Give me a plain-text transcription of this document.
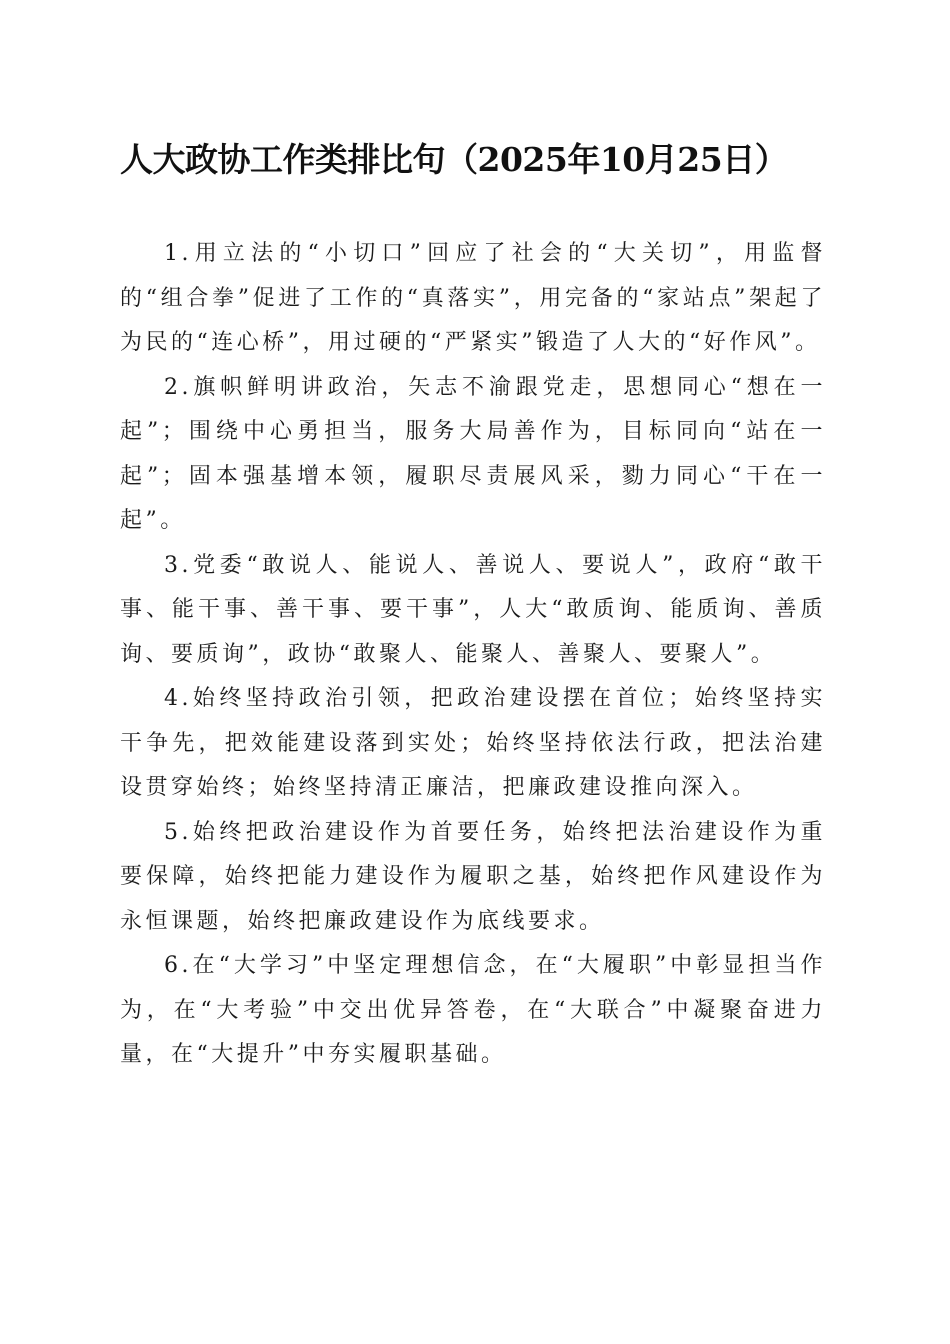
人大政协工作类排比句（2025年10月25日）

1.用立法的“小切口”回应了社会的“大关切”，用监督的“组合拳”促进了工作的“真落实”，用完备的“家站点”架起了为民的“连心桥”，用过硬的“严紧实”锻造了人大的“好作风”。

2.旗帜鲜明讲政治，矢志不渝跟党走，思想同心“想在一起”；围绕中心勇担当，服务大局善作为，目标同向“站在一起”；固本强基增本领，履职尽责展风采，勠力同心“干在一起”。

3.党委“敢说人、能说人、善说人、要说人”，政府“敢干事、能干事、善干事、要干事”，人大“敢质询、能质询、善质询、要质询”，政协“敢聚人、能聚人、善聚人、要聚人”。

4.始终坚持政治引领，把政治建设摆在首位；始终坚持实干争先，把效能建设落到实处；始终坚持依法行政，把法治建设贯穿始终；始终坚持清正廉洁，把廉政建设推向深入。

5.始终把政治建设作为首要任务，始终把法治建设作为重要保障，始终把能力建设作为履职之基，始终把作风建设作为永恒课题，始终把廉政建设作为底线要求。

6.在“大学习”中坚定理想信念，在“大履职”中彰显担当作为，在“大考验”中交出优异答卷，在“大联合”中凝聚奋进力量，在“大提升”中夯实履职基础。
